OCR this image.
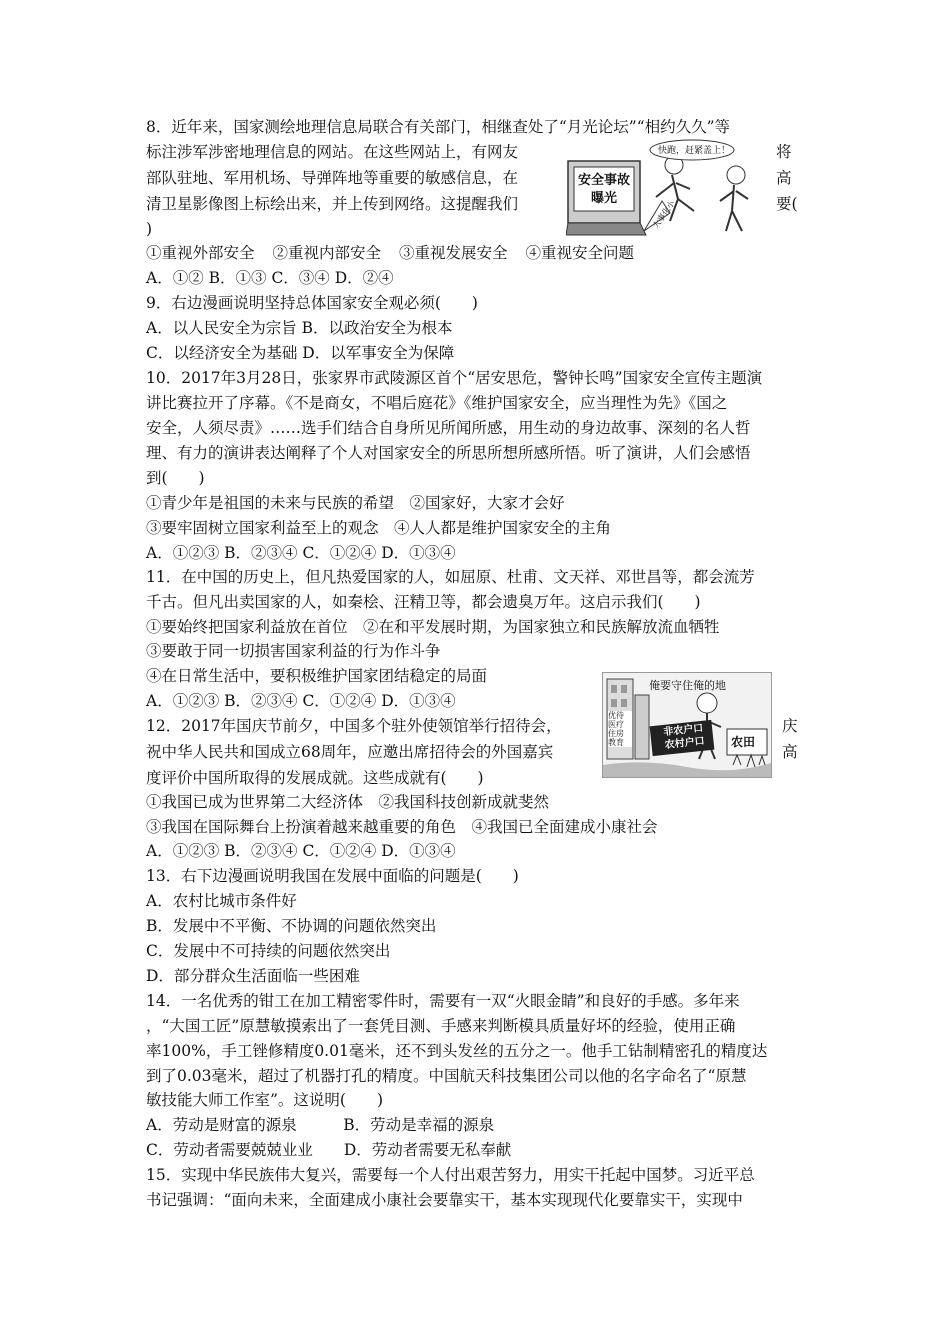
8．近年来，国家测绘地理信息局联合有关部门，相继查处了“月光论坛”“相约久久”等
标注涉军涉密地理信息的网站。在这些网站上，有网友	将
部队驻地、军用机场、导弹阵地等重要的敏感信息，在	高
清卫星影像图上标绘出来，并上传到网络。这提醒我们	要(
)
①重视外部安全 ②重视内部安全 ③重视发展安全 ④重视安全问题
A．①② B．①③ C．③④ D．②④
安全事故曝光
快跑，赶紧盖上！
大事化小
9．右边漫画说明坚持总体国家安全观必须(　　)
A．以人民安全为宗旨 B．以政治安全为根本
C．以经济安全为基础 D．以军事安全为保障
10．2017年3月28日，张家界市武陵源区首个“居安思危，警钟长鸣”国家安全宣传主题演
讲比赛拉开了序幕。《不是商女，不唱后庭花》《维护国家安全，应当理性为先》《国之
安全，人须尽责》……选手们结合自身所见所闻所感，用生动的身边故事、深刻的名人哲
理、有力的演讲表达阐释了个人对国家安全的所思所想所感所悟。听了演讲，人们会感悟
到(　　)
①青少年是祖国的未来与民族的希望　②国家好，大家才会好
③要牢固树立国家利益至上的观念　④人人都是维护国家安全的主角
A．①②③ B．②③④ C．①②④ D．①③④
11．在中国的历史上，但凡热爱国家的人，如屈原、杜甫、文天祥、邓世昌等，都会流芳
千古。但凡出卖国家的人，如秦桧、汪精卫等，都会遗臭万年。这启示我们(　　)
①要始终把国家利益放在首位　②在和平发展时期，为国家独立和民族解放流血牺牲
③要敢于同一切损害国家利益的行为作斗争
④在日常生活中，要积极维护国家团结稳定的局面
A．①②③ B．②③④ C．①②④ D．①③④
俺要守住俺的地
优待 医疗 住房 教育
非农户口
农村户口	农田
12．2017年国庆节前夕，中国多个驻外使领馆举行招待会，	庆
祝中华人民共和国成立68周年，应邀出席招待会的外国嘉宾	高
度评价中国所取得的发展成就。这些成就有(　　)
①我国已成为世界第二大经济体　②我国科技创新成就斐然
③我国在国际舞台上扮演着越来越重要的角色　④我国已全面建成小康社会
A．①②③ B．②③④ C．①②④ D．①③④
13．右下边漫画说明我国在发展中面临的问题是(　　)
A．农村比城市条件好
B．发展中不平衡、不协调的问题依然突出
C．发展中不可持续的问题依然突出
D．部分群众生活面临一些困难
14．一名优秀的钳工在加工精密零件时，需要有一双“火眼金睛”和良好的手感。多年来
，“大国工匠”原慧敏摸索出了一套凭目测、手感来判断模具质量好坏的经验，使用正确
率100%，手工锉修精度0.01毫米，还不到头发丝的五分之一。他手工钻制精密孔的精度达
到了0.03毫米，超过了机器打孔的精度。中国航天科技集团公司以他的名字命名了“原慧
敏技能大师工作室”。这说明(　　)
A．劳动是财富的源泉　　　B．劳动是幸福的源泉
C．劳动者需要兢兢业业　　D．劳动者需要无私奉献
15．实现中华民族伟大复兴，需要每一个人付出艰苦努力，用实干托起中国梦。习近平总
书记强调：“面向未来，全面建成小康社会要靠实干，基本实现现代化要靠实干，实现中
